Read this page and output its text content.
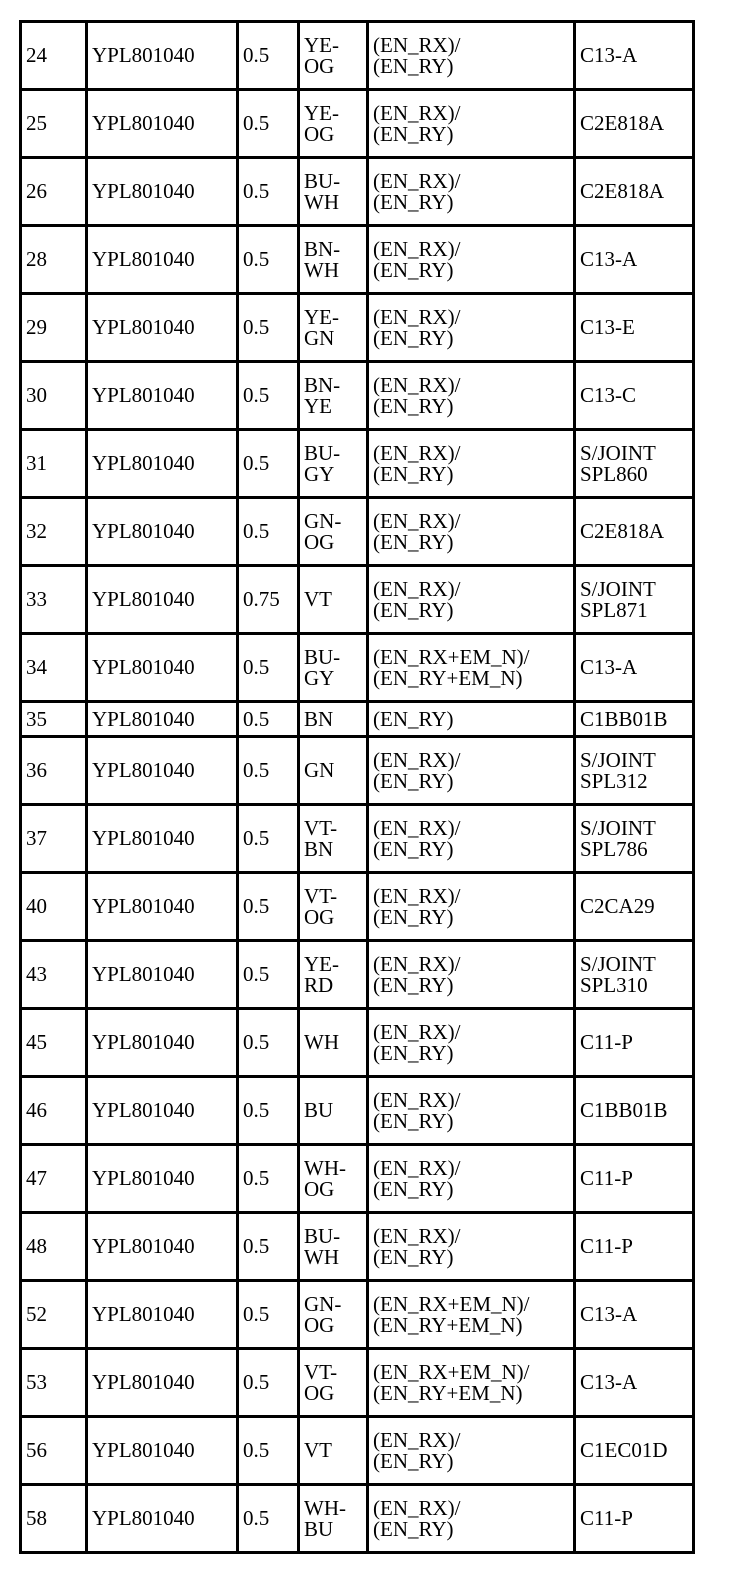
24	YPL801040	0.5	YE-
OG	(EN_RX)/
(EN_RY)	C13-A

25	YPL801040	0.5	YE-
OG	(EN_RX)/
(EN_RY)	C2E818A

26	YPL801040	0.5	BU-
WH	(EN_RX)/
(EN_RY)	C2E818A

28	YPL801040	0.5	BN-
WH	(EN_RX)/
(EN_RY)	C13-A

29	YPL801040	0.5	YE-
GN	(EN_RX)/
(EN_RY)	C13-E

30	YPL801040	0.5	BN-
YE	(EN_RX)/
(EN_RY)	C13-C

31	YPL801040	0.5	BU-
GY	(EN_RX)/
(EN_RY)	S/JOINT
SPL860

32	YPL801040	0.5	GN-
OG	(EN_RX)/
(EN_RY)	C2E818A

33	YPL801040	0.75	VT	(EN_RX)/
(EN_RY)	S/JOINT
SPL871

34	YPL801040	0.5	BU-
GY	(EN_RX+EM_N)/
(EN_RY+EM_N)	C13-A

35	YPL801040	0.5	BN	(EN_RY)	C1BB01B

36	YPL801040	0.5	GN	(EN_RX)/
(EN_RY)	S/JOINT
SPL312

37	YPL801040	0.5	VT-
BN	(EN_RX)/
(EN_RY)	S/JOINT
SPL786

40	YPL801040	0.5	VT-
OG	(EN_RX)/
(EN_RY)	C2CA29

43	YPL801040	0.5	YE-
RD	(EN_RX)/
(EN_RY)	S/JOINT
SPL310

45	YPL801040	0.5	WH	(EN_RX)/
(EN_RY)	C11-P

46	YPL801040	0.5	BU	(EN_RX)/
(EN_RY)	C1BB01B

47	YPL801040	0.5	WH-
OG	(EN_RX)/
(EN_RY)	C11-P

48	YPL801040	0.5	BU-
WH	(EN_RX)/
(EN_RY)	C11-P

52	YPL801040	0.5	GN-
OG	(EN_RX+EM_N)/
(EN_RY+EM_N)	C13-A

53	YPL801040	0.5	VT-
OG	(EN_RX+EM_N)/
(EN_RY+EM_N)	C13-A

56	YPL801040	0.5	VT	(EN_RX)/
(EN_RY)	C1EC01D

58	YPL801040	0.5	WH-
BU	(EN_RX)/
(EN_RY)	C11-P
